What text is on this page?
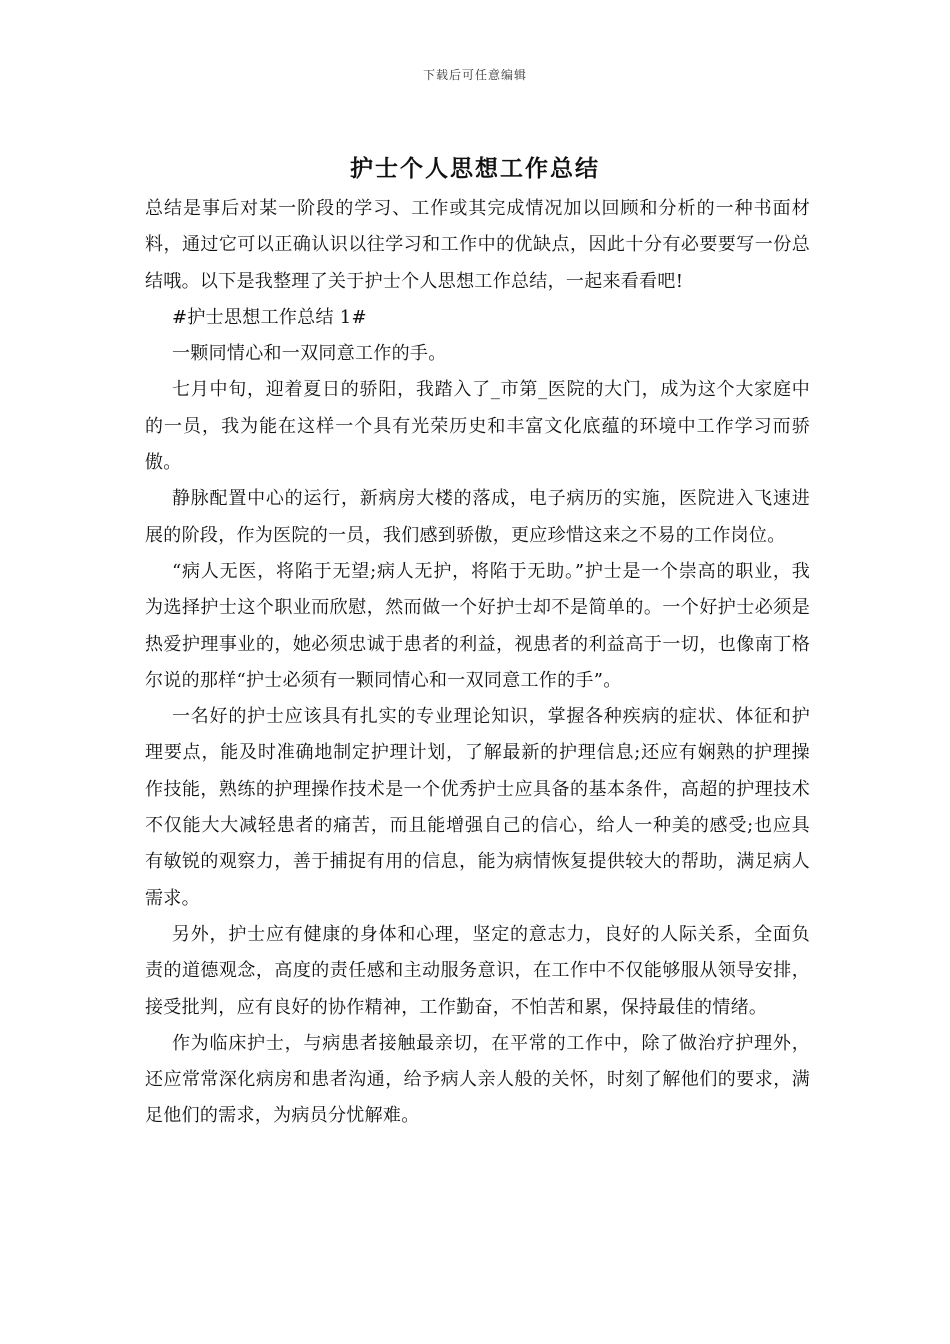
下载后可任意编辑
护士个人思想工作总结

总结是事后对某一阶段的学习、工作或其完成情况加以回顾和分析的一种书面材料，通过它可以正确认识以往学习和工作中的优缺点，因此十分有必要要写一份总结哦。以下是我整理了关于护士个人思想工作总结，一起来看看吧!

#护士思想工作总结 1#

一颗同情心和一双同意工作的手。

七月中旬，迎着夏日的骄阳，我踏入了_市第_医院的大门，成为这个大家庭中的一员，我为能在这样一个具有光荣历史和丰富文化底蕴的环境中工作学习而骄傲。

静脉配置中心的运行，新病房大楼的落成，电子病历的实施，医院进入飞速进展的阶段，作为医院的一员，我们感到骄傲，更应珍惜这来之不易的工作岗位。

“病人无医，将陷于无望;病人无护，将陷于无助。”护士是一个崇高的职业，我为选择护士这个职业而欣慰，然而做一个好护士却不是简单的。一个好护士必须是热爱护理事业的，她必须忠诚于患者的利益，视患者的利益高于一切，也像南丁格尔说的那样“护士必须有一颗同情心和一双同意工作的手”。

一名好的护士应该具有扎实的专业理论知识，掌握各种疾病的症状、体征和护理要点，能及时准确地制定护理计划，了解最新的护理信息;还应有娴熟的护理操作技能，熟练的护理操作技术是一个优秀护士应具备的基本条件，高超的护理技术不仅能大大减轻患者的痛苦，而且能增强自己的信心，给人一种美的感受;也应具有敏锐的观察力，善于捕捉有用的信息，能为病情恢复提供较大的帮助，满足病人需求。

另外，护士应有健康的身体和心理，坚定的意志力，良好的人际关系，全面负责的道德观念，高度的责任感和主动服务意识，在工作中不仅能够服从领导安排，接受批判，应有良好的协作精神，工作勤奋，不怕苦和累，保持最佳的情绪。

作为临床护士，与病患者接触最亲切，在平常的工作中，除了做治疗护理外，还应常常深化病房和患者沟通，给予病人亲人般的关怀，时刻了解他们的要求，满足他们的需求，为病员分忧解难。
